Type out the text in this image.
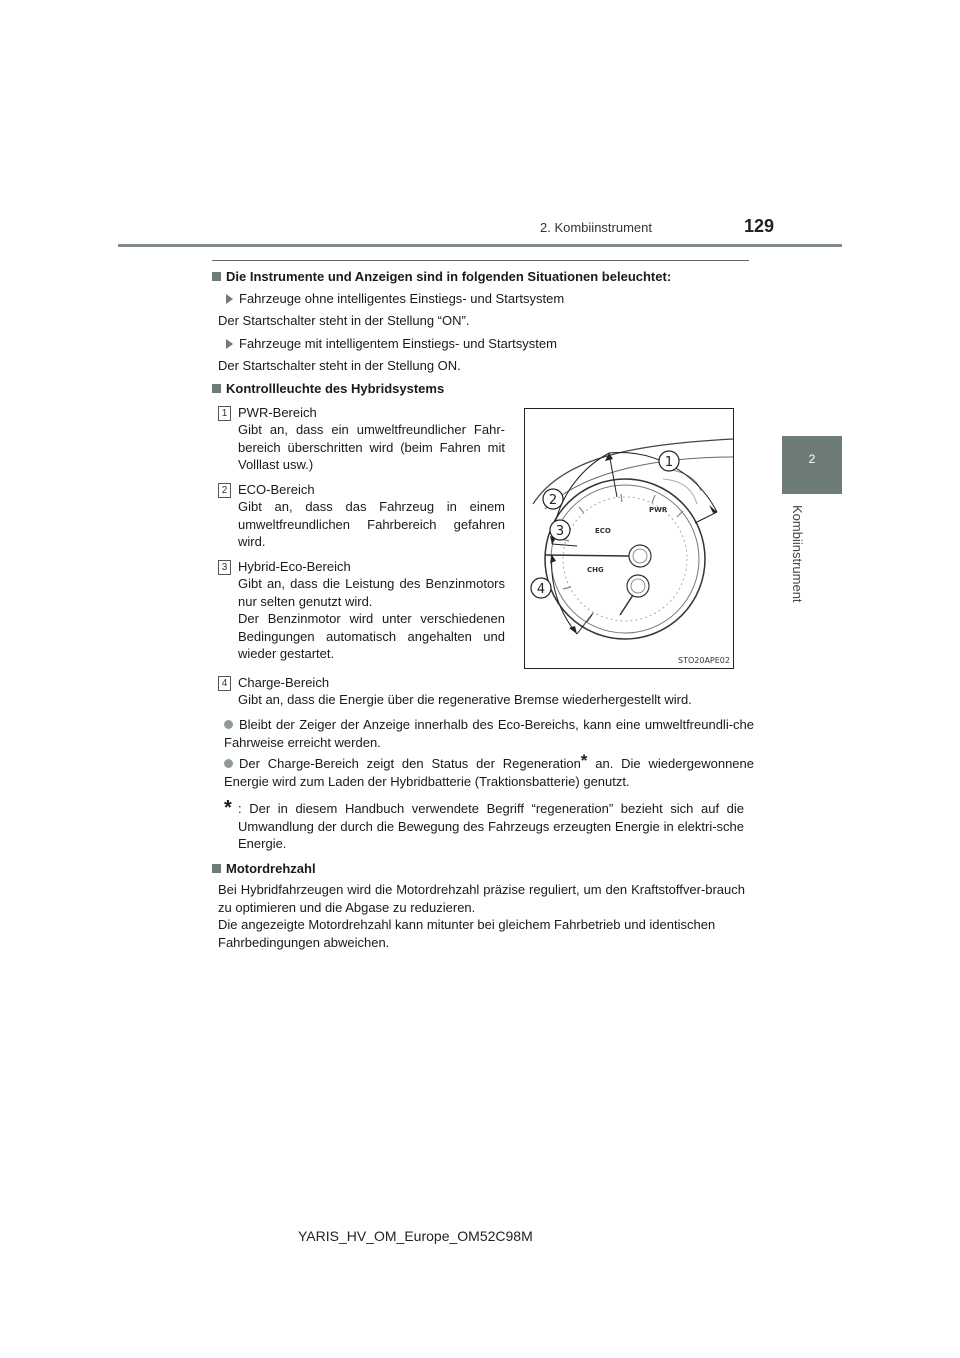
2. Kombiinstrument	129
2
Kombiinstrument
Die Instrumente und Anzeigen sind in folgenden Situationen beleuchtet:
Fahrzeuge ohne intelligentes Einstiegs- und Startsystem
Der Startschalter steht in der Stellung “ON”.
Fahrzeuge mit intelligentem Einstiegs- und Startsystem
Der Startschalter steht in der Stellung ON.
Kontrollleuchte des Hybridsystems
1 PWR-Bereich
Gibt an, dass ein umweltfreundlicher Fahr-bereich überschritten wird (beim Fahren mit Volllast usw.)
2 ECO-Bereich
Gibt an, dass das Fahrzeug in einem umweltfreundlichen Fahrbereich gefahren wird.
3 Hybrid-Eco-Bereich
Gibt an, dass die Leistung des Benzinmotors nur selten genutzt wird.
Der Benzinmotor wird unter verschiedenen Bedingungen automatisch angehalten und wieder gestartet.
PWR
ECO
CHG
1
2
3
4
STO20APE02
4 Charge-Bereich
Gibt an, dass die Energie über die regenerative Bremse wiederhergestellt wird.
Bleibt der Zeiger der Anzeige innerhalb des Eco-Bereichs, kann eine umweltfreundli-che Fahrweise erreicht werden.
Der Charge-Bereich zeigt den Status der Regeneration* an. Die wiedergewonnene Energie wird zum Laden der Hybridbatterie (Traktionsbatterie) genutzt.
* : Der in diesem Handbuch verwendete Begriff “regeneration” bezieht sich auf die Umwandlung der durch die Bewegung des Fahrzeugs erzeugten Energie in elektri-sche Energie.
Motordrehzahl
Bei Hybridfahrzeugen wird die Motordrehzahl präzise reguliert, um den Kraftstoffver-brauch zu optimieren und die Abgase zu reduzieren.
Die angezeigte Motordrehzahl kann mitunter bei gleichem Fahrbetrieb und identischen Fahrbedingungen abweichen.
YARIS_HV_OM_Europe_OM52C98M
